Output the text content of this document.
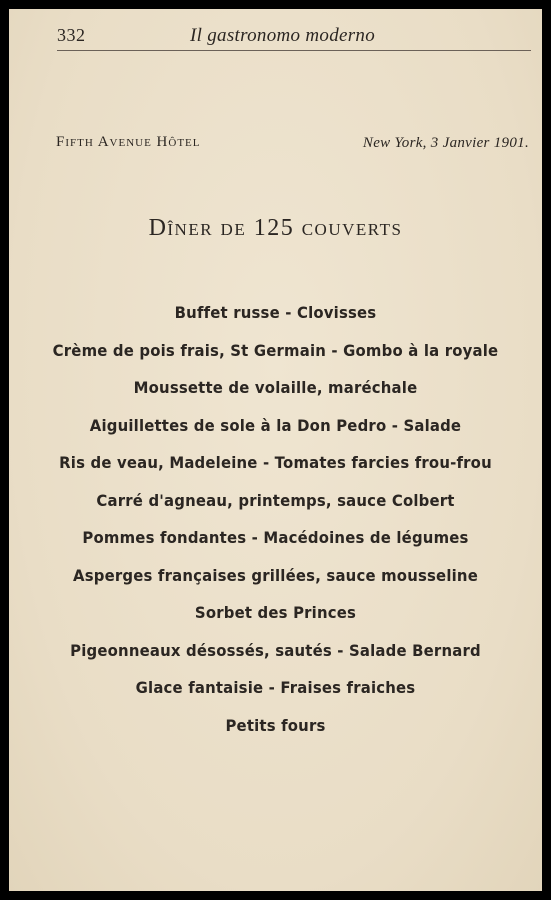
332	Il gastronomo moderno
Fifth Avenue Hôtel	New York, 3 Janvier 1901.
Dîner de 125 couverts
Buffet russe - Clovisses
Crème de pois frais, St Germain - Gombo à la royale
Moussette de volaille, maréchale
Aiguillettes de sole à la Don Pedro - Salade
Ris de veau, Madeleine - Tomates farcies frou-frou
Carré d'agneau, printemps, sauce Colbert
Pommes fondantes - Macédoines de légumes
Asperges françaises grillées, sauce mousseline
Sorbet des Princes
Pigeonneaux désossés, sautés - Salade Bernard
Glace fantaisie - Fraises fraiches
Petits fours
